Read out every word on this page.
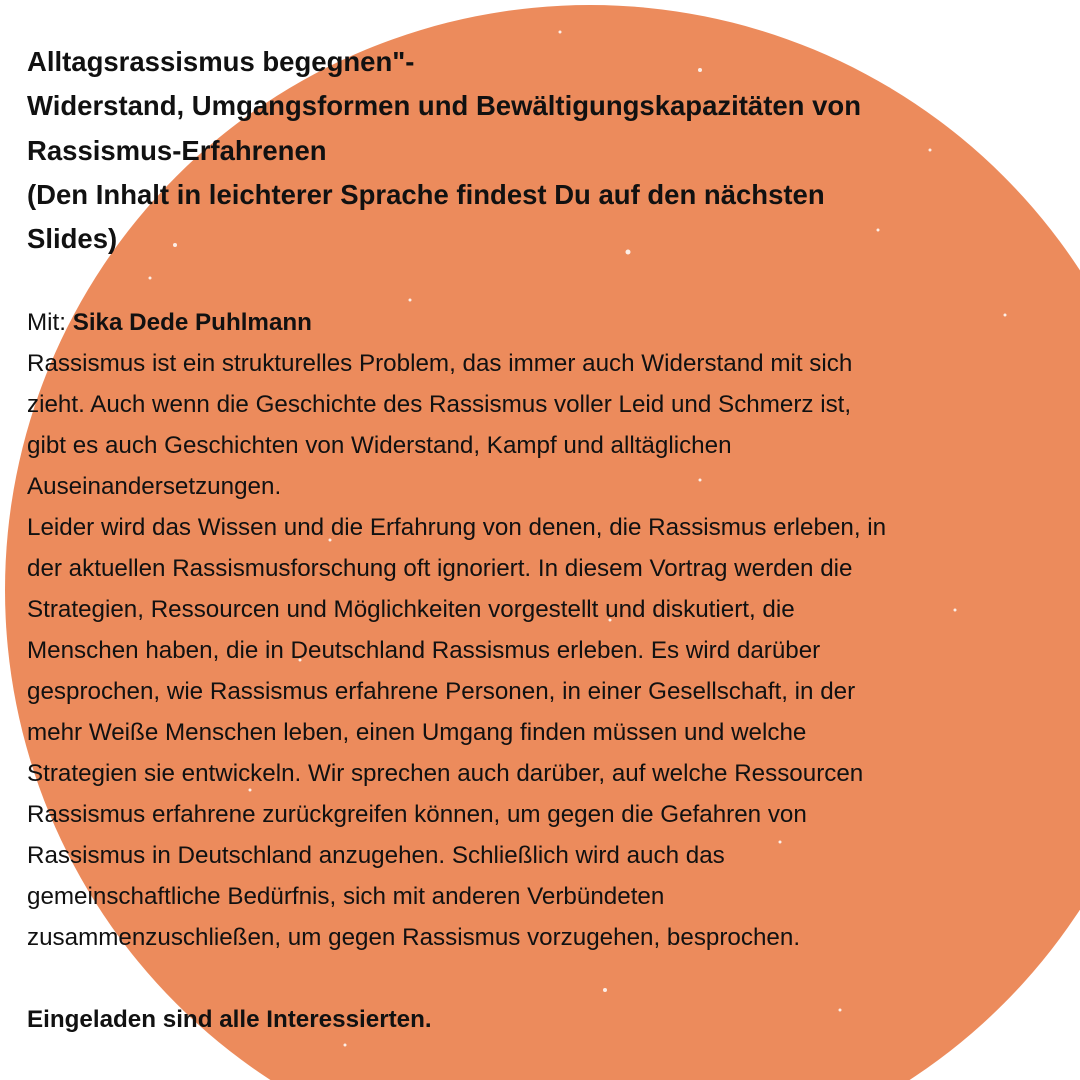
Alltagsrassismus begegnen"-
Widerstand, Umgangsformen und Bewältigungskapazitäten von
Rassismus-Erfahrenen
(Den Inhalt in leichterer Sprache findest Du auf den nächsten
Slides)
Mit: Sika Dede Puhlmann

Rassismus ist ein strukturelles Problem, das immer auch Widerstand mit sich
zieht. Auch wenn die Geschichte des Rassismus voller Leid und Schmerz ist,
gibt es auch Geschichten von Widerstand, Kampf und alltäglichen
Auseinandersetzungen.

Leider wird das Wissen und die Erfahrung von denen, die Rassismus erleben, in
der aktuellen Rassismusforschung oft ignoriert. In diesem Vortrag werden die
Strategien, Ressourcen und Möglichkeiten vorgestellt und diskutiert, die
Menschen haben, die in Deutschland Rassismus erleben. Es wird darüber
gesprochen, wie Rassismus erfahrene Personen, in einer Gesellschaft, in der
mehr Weiße Menschen leben, einen Umgang finden müssen und welche
Strategien sie entwickeln. Wir sprechen auch darüber, auf welche Ressourcen
Rassismus erfahrene zurückgreifen können, um gegen die Gefahren von
Rassismus in Deutschland anzugehen. Schließlich wird auch das
gemeinschaftliche Bedürfnis, sich mit anderen Verbündeten
zusammenzuschließen, um gegen Rassismus vorzugehen, besprochen.

Eingeladen sind alle Interessierten.
